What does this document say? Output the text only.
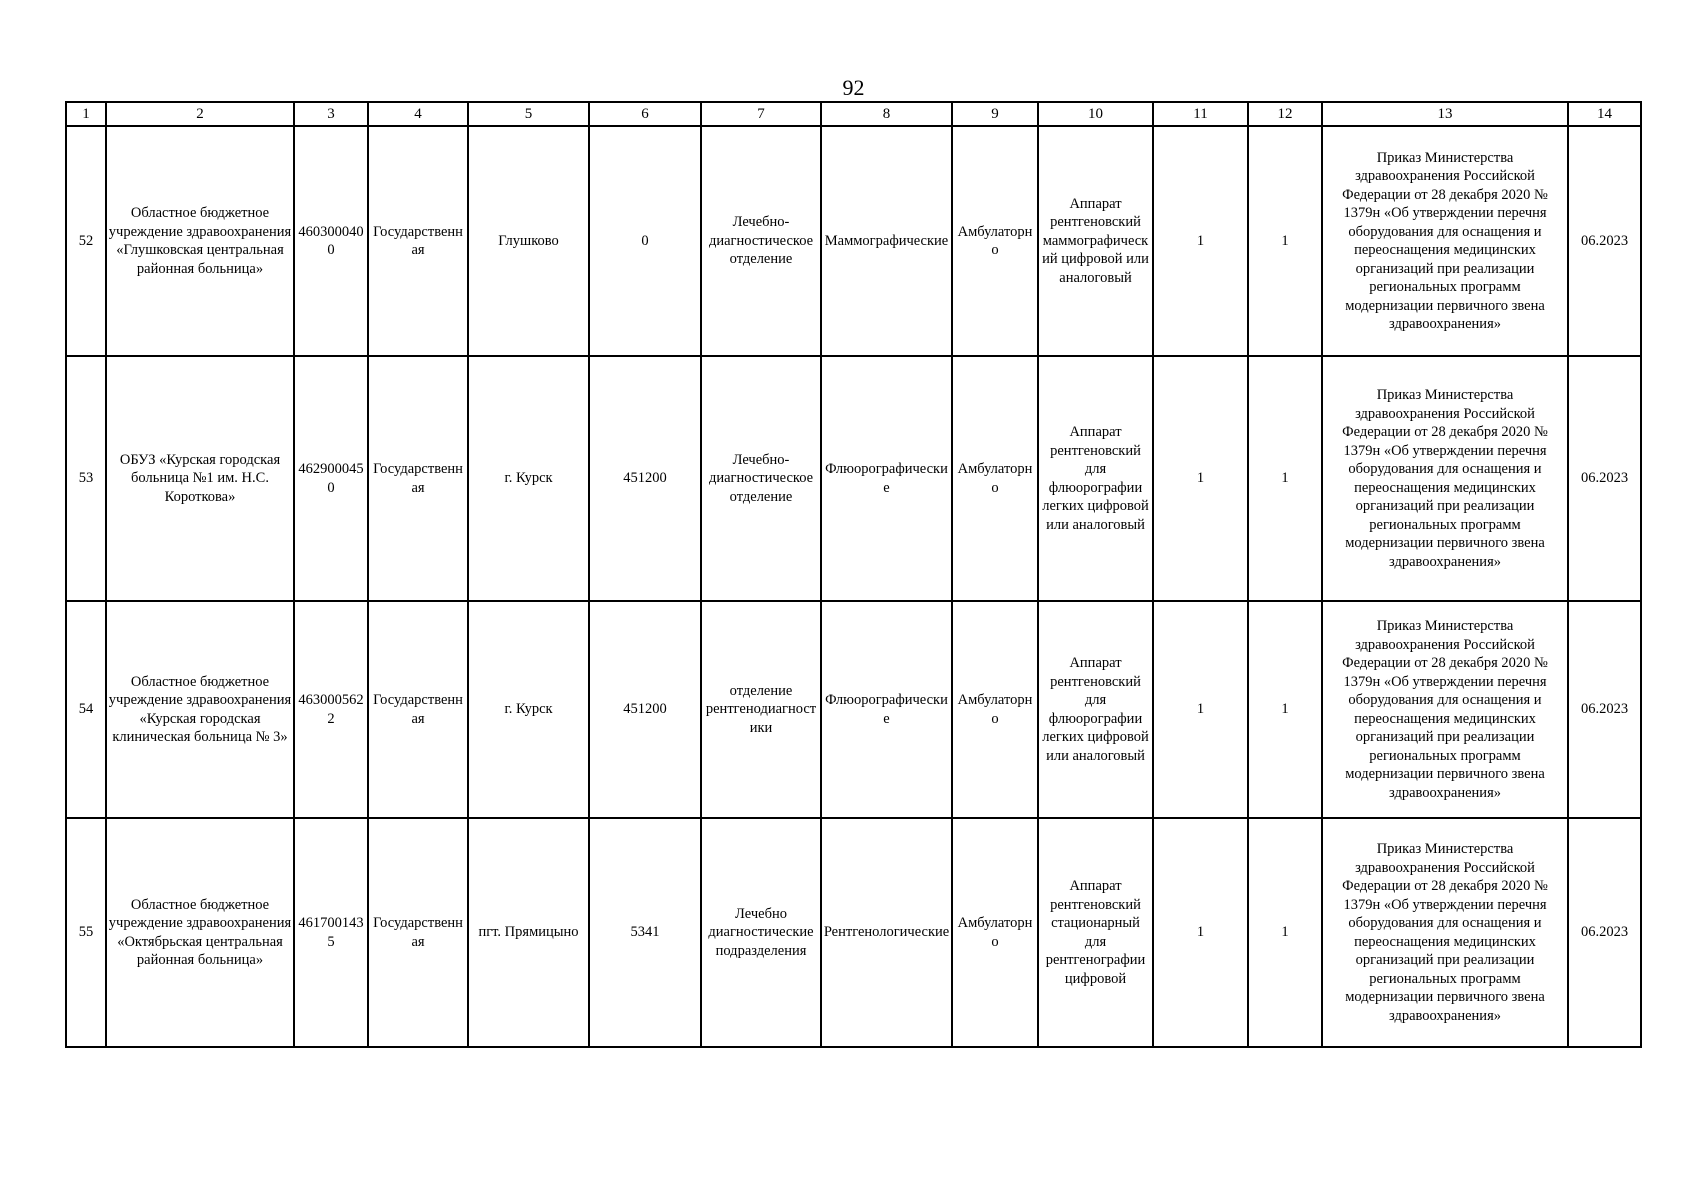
92
1	2	3	4	5	6	7	8	9	10	11	12	13	14
52	Областное бюджетное учреждение здравоохранения «Глушковская центральная районная больница»	4603000400	Государственная	Глушково	0	Лечебно-диагностическое отделение	Маммографические	Амбулаторно	Аппарат рентгеновский маммографический цифровой или аналоговый	1	1	Приказ Министерства здравоохранения Российской Федерации от 28 декабря 2020 № 1379н «Об утверждении перечня оборудования для оснащения и переоснащения медицинских организаций при реализации региональных программ модернизации первичного звена здравоохранения»	06.2023
53	ОБУЗ «Курская городская больница №1 им. Н.С. Короткова»	4629000450	Государственная	г. Курск	451200	Лечебно-диагностическое отделение	Флюорографические	Амбулаторно	Аппарат рентгеновский для флюорографии легких цифровой или аналоговый	1	1	Приказ Министерства здравоохранения Российской Федерации от 28 декабря 2020 № 1379н «Об утверждении перечня оборудования для оснащения и переоснащения медицинских организаций при реализации региональных программ модернизации первичного звена здравоохранения»	06.2023
54	Областное бюджетное учреждение здравоохранения «Курская городская клиническая больница № 3»	4630005622	Государственная	г. Курск	451200	отделение рентгенодиагностики	Флюорографические	Амбулаторно	Аппарат рентгеновский для флюорографии легких цифровой или аналоговый	1	1	Приказ Министерства здравоохранения Российской Федерации от 28 декабря 2020 № 1379н «Об утверждении перечня оборудования для оснащения и переоснащения медицинских организаций при реализации региональных программ модернизации первичного звена здравоохранения»	06.2023
55	Областное бюджетное учреждение здравоохранения «Октябрьская центральная районная больница»	4617001435	Государственная	пгт. Прямицыно	5341	Лечебно диагностические подразделения	Рентгенологические	Амбулаторно	Аппарат рентгеновский стационарный для рентгенографии цифровой	1	1	Приказ Министерства здравоохранения Российской Федерации от 28 декабря 2020 № 1379н «Об утверждении перечня оборудования для оснащения и переоснащения медицинских организаций при реализации региональных программ модернизации первичного звена здравоохранения»	06.2023
